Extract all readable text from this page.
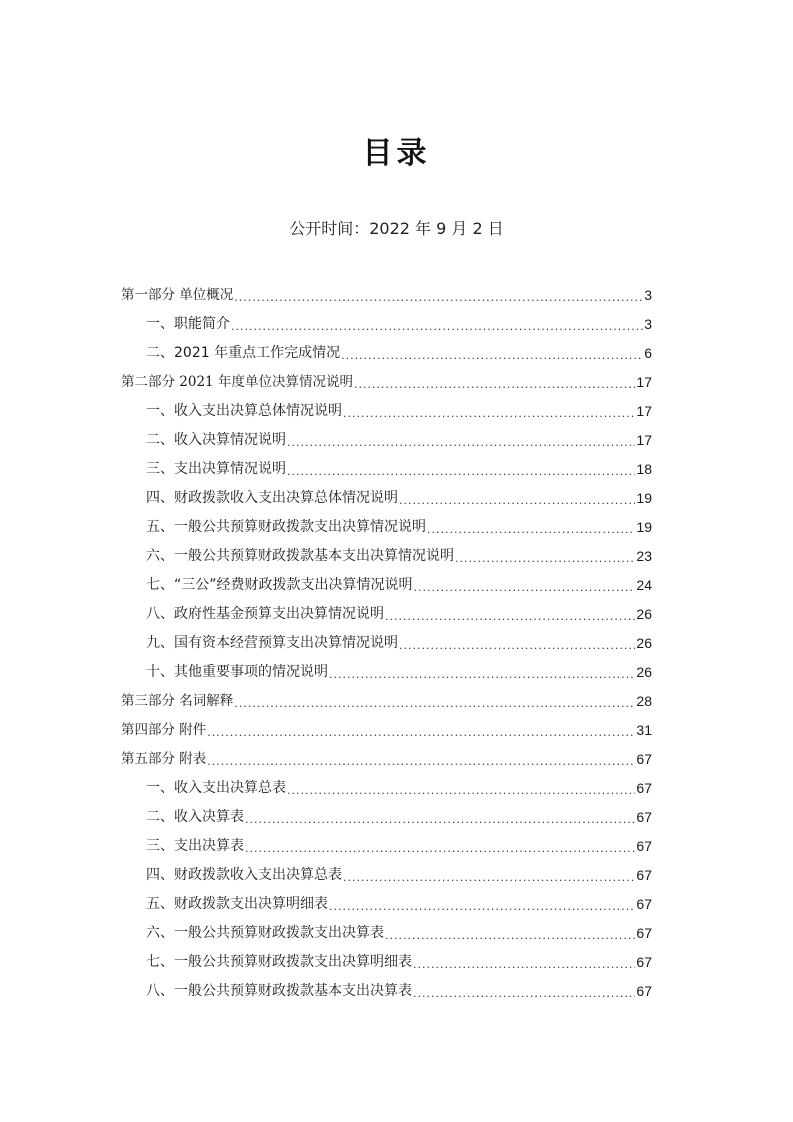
目录
公开时间：2022 年 9 月 2 日
第一部分 单位概况 .....	3
一、职能简介 .....	3
二、2021 年重点工作完成情况 .....	6
第二部分 2021 年度单位决算情况说明 .....	17
一、收入支出决算总体情况说明 .....	17
二、收入决算情况说明 .....	17
三、支出决算情况说明 .....	18
四、财政拨款收入支出决算总体情况说明 .....	19
五、一般公共预算财政拨款支出决算情况说明 .....	19
六、一般公共预算财政拨款基本支出决算情况说明 .....	23
七、“三公”经费财政拨款支出决算情况说明 .....	24
八、政府性基金预算支出决算情况说明 .....	26
九、国有资本经营预算支出决算情况说明 .....	26
十、其他重要事项的情况说明 .....	26
第三部分 名词解释 .....	28
第四部分 附件 .....	31
第五部分 附表 .....	67
一、收入支出决算总表 .....	67
二、收入决算表 .....	67
三、支出决算表 .....	67
四、财政拨款收入支出决算总表 .....	67
五、财政拨款支出决算明细表 .....	67
六、一般公共预算财政拨款支出决算表 .....	67
七、一般公共预算财政拨款支出决算明细表 .....	67
八、一般公共预算财政拨款基本支出决算表 .....	67
